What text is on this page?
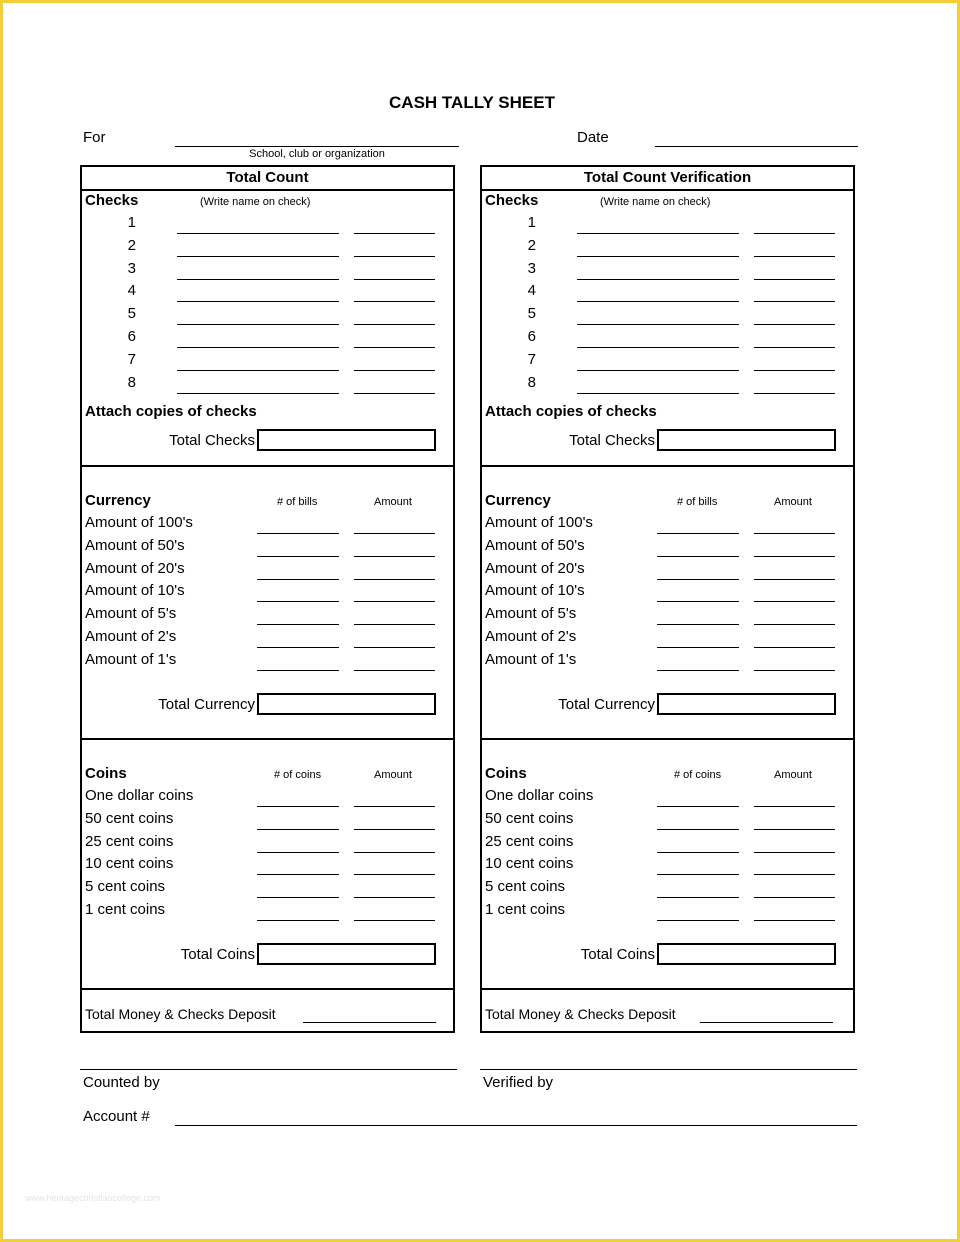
CASH TALLY SHEET
For
School, club or organization
Date
Total Count
Checks	(Write name on check)
1
2
3
4
5
6
7
8
Attach copies of checks
Total Checks
Currency	# of bills	Amount
Amount of 100's
Amount of 50's
Amount of 20's
Amount of 10's
Amount of 5's
Amount of 2's
Amount of 1's
Total Currency
Coins	# of coins	Amount
One dollar coins
50 cent coins
25 cent coins
10 cent coins
5 cent coins
1 cent coins
Total Coins
Total Money & Checks Deposit
Total Count Verification
Checks	(Write name on check)
1
2
3
4
5
6
7
8
Attach copies of checks
Total Checks
Currency	# of bills	Amount
Amount of 100's
Amount of 50's
Amount of 20's
Amount of 10's
Amount of 5's
Amount of 2's
Amount of 1's
Total Currency
Coins	# of coins	Amount
One dollar coins
50 cent coins
25 cent coins
10 cent coins
5 cent coins
1 cent coins
Total Coins
Total Money & Checks Deposit
Counted by	Verified by
Account #
www.heritagechristiancollege.com
